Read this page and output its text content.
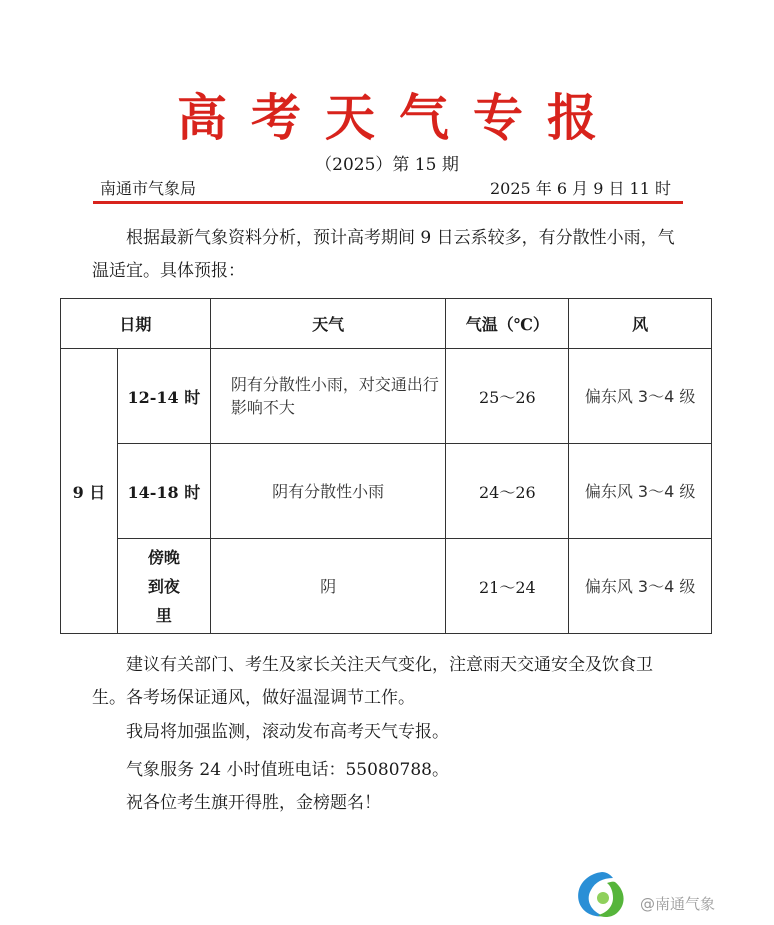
高考天气专报
（2025）第 15 期
南通市气象局	2025 年 6 月 9 日 11 时

根据最新气象资料分析，预计高考期间 9 日云系较多，有分散性小雨，气温适宜。具体预报：

日期		天气	气温（℃）	风
9 日	12-14 时	阴有分散性小雨，对交通出行影响不大	25～26	偏东风 3～4 级
	14-18 时	阴有分散性小雨	24～26	偏东风 3～4 级
	傍晚到夜里	阴	21～24	偏东风 3～4 级

建议有关部门、考生及家长关注天气变化，注意雨天交通安全及饮食卫生。各考场保证通风，做好温湿调节工作。

我局将加强监测，滚动发布高考天气专报。

气象服务 24 小时值班电话：55080788。

祝各位考生旗开得胜，金榜题名！

@南通气象
